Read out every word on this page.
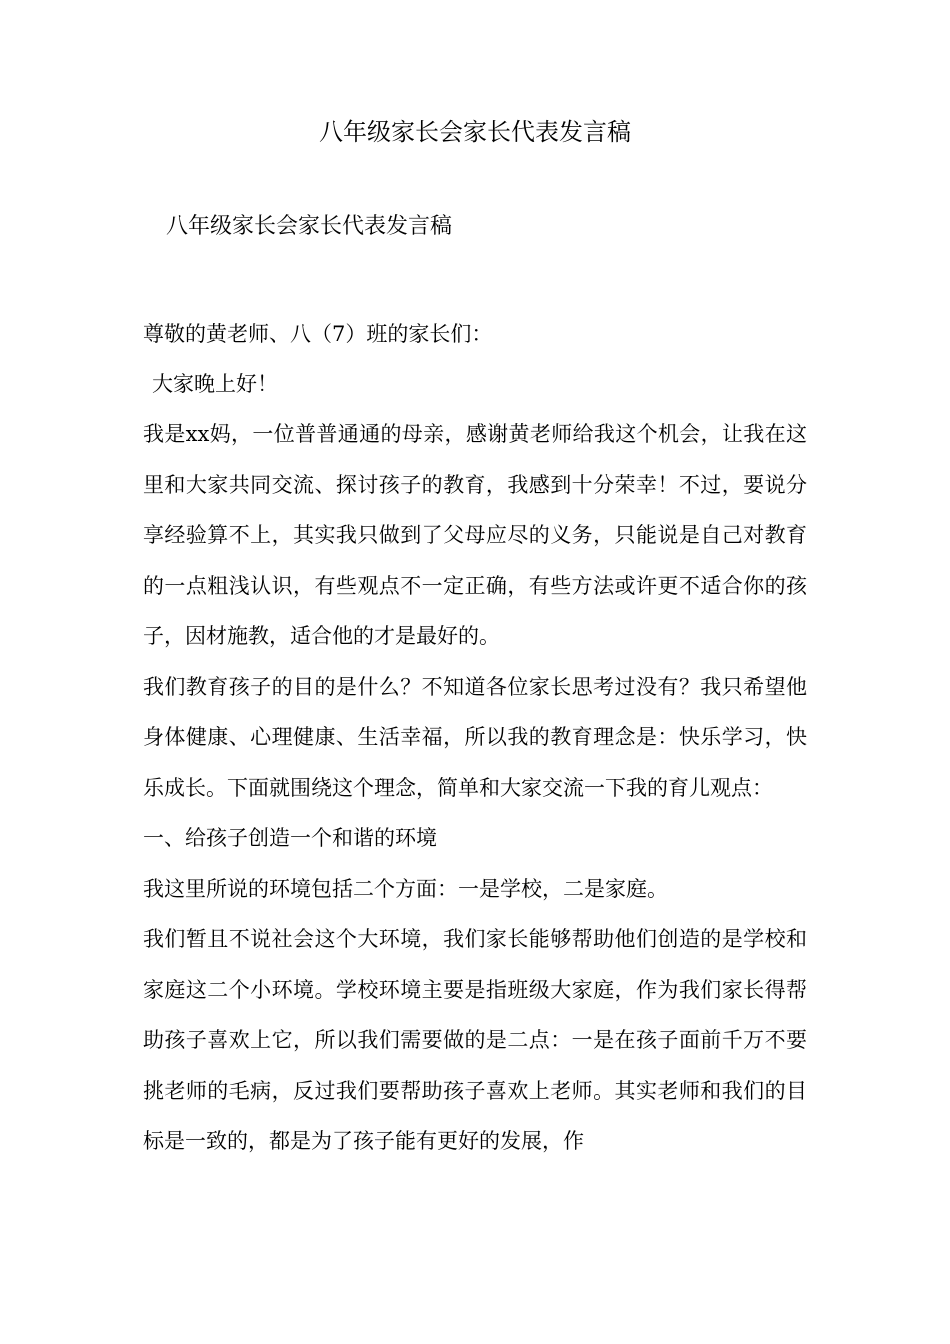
八年级家长会家长代表发言稿

八年级家长会家长代表发言稿

尊敬的黄老师、八（7）班的家长们：

大家晚上好！

我是xx妈，一位普普通通的母亲，感谢黄老师给我这个机会，让我在这里和大家共同交流、探讨孩子的教育，我感到十分荣幸！不过，要说分享经验算不上，其实我只做到了父母应尽的义务，只能说是自己对教育的一点粗浅认识，有些观点不一定正确，有些方法或许更不适合你的孩子，因材施教，适合他的才是最好的。

我们教育孩子的目的是什么？不知道各位家长思考过没有？我只希望他身体健康、心理健康、生活幸福，所以我的教育理念是：快乐学习，快乐成长。下面就围绕这个理念，简单和大家交流一下我的育儿观点：

一、给孩子创造一个和谐的环境

我这里所说的环境包括二个方面：一是学校，二是家庭。

我们暂且不说社会这个大环境，我们家长能够帮助他们创造的是学校和家庭这二个小环境。学校环境主要是指班级大家庭，作为我们家长得帮助孩子喜欢上它，所以我们需要做的是二点：一是在孩子面前千万不要挑老师的毛病，反过我们要帮助孩子喜欢上老师。其实老师和我们的目标是一致的，都是为了孩子能有更好的发展，作
